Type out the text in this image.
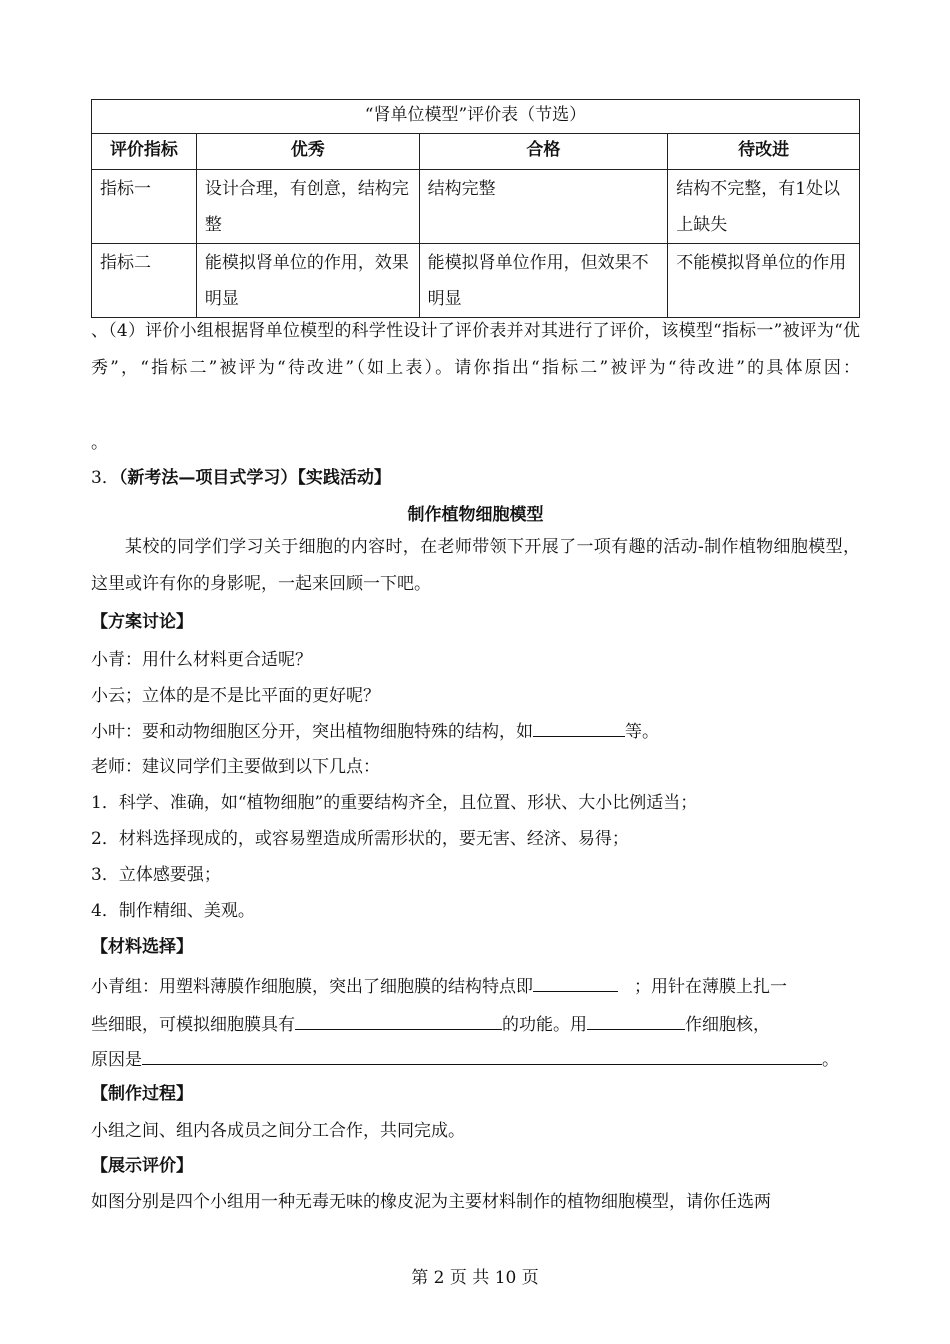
“肾单位模型”评价表（节选）			
评价指标	优秀	合格	待改进
指标一	设计合理，有创意，结构完整	结构完整	结构不完整，有1处以上缺失
指标二	能模拟肾单位的作用，效果明显	能模拟肾单位作用，但效果不明显	不能模拟肾单位的作用
、（4）评价小组根据肾单位模型的科学性设计了评价表并对其进行了评价，该模型“指标一”被评为“优秀”，“指标二”被评为“待改进”（如上表）。请你指出“指标二”被评为“待改进”的具体原因：
。
3．（新考法—项目式学习）【实践活动】
制作植物细胞模型
某校的同学们学习关于细胞的内容时，在老师带领下开展了一项有趣的活动-制作植物细胞模型，这里或许有你的身影呢，一起来回顾一下吧。
【方案讨论】
小青：用什么材料更合适呢？
小云；立体的是不是比平面的更好呢？
小叶：要和动物细胞区分开，突出植物细胞特殊的结构，如	等。
老师：建议同学们主要做到以下几点：
1．科学、准确，如“植物细胞”的重要结构齐全，且位置、形状、大小比例适当；
2．材料选择现成的，或容易塑造成所需形状的，要无害、经济、易得；
3．立体感要强；
4．制作精细、美观。
【材料选择】
小青组：用塑料薄膜作细胞膜，突出了细胞膜的结构特点即	；用针在薄膜上扎一
些细眼，可模拟细胞膜具有	的功能。用	作细胞核，
原因是	。
【制作过程】
小组之间、组内各成员之间分工合作，共同完成。
【展示评价】
如图分别是四个小组用一种无毒无味的橡皮泥为主要材料制作的植物细胞模型，请你任选两
第 2 页 共 10 页
